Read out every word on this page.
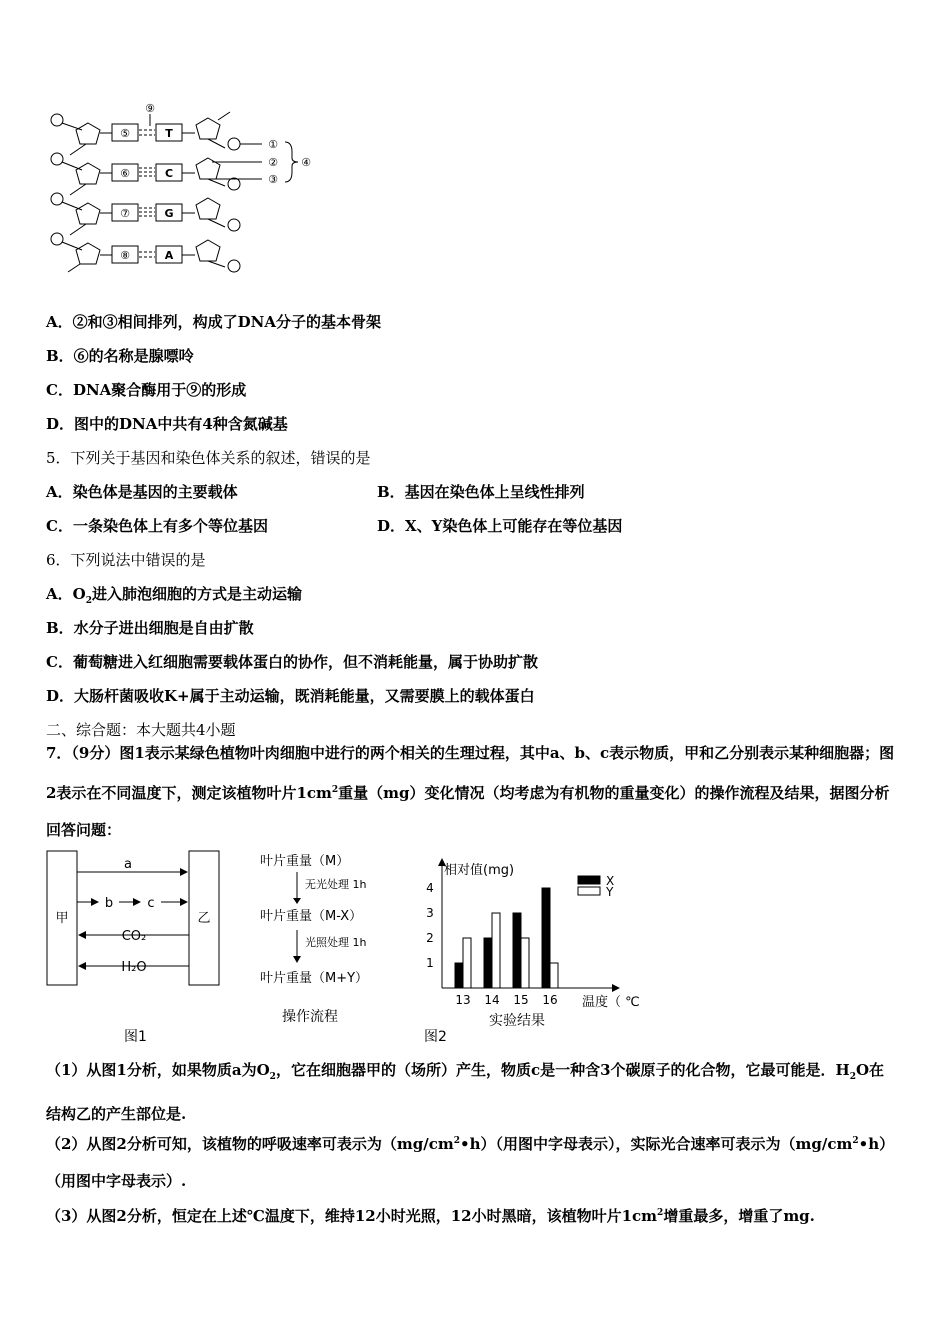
⑨
⑤
⑥
⑦
⑧
T
C
G
A
①
②
③
④
A．②和③相间排列，构成了DNA分子的基本骨架
B．⑥的名称是腺嘌呤
C．DNA聚合酶用于⑨的形成
D．图中的DNA中共有4种含氮碱基
5．下列关于基因和染色体关系的叙述，错误的是
A．染色体是基因的主要载体	B．基因在染色体上呈线性排列
C．一条染色体上有多个等位基因	D．X、Y染色体上可能存在等位基因
6．下列说法中错误的是
A．$O_2$进入肺泡细胞的方式是主动运输
B．水分子进出细胞是自由扩散
C．葡萄糖进入红细胞需要载体蛋白的协作，但不消耗能量，属于协助扩散
D．大肠杆菌吸收K+属于主动运输，既消耗能量，又需要膜上的载体蛋白
二、综合题：本大题共4小题
7．（9分）图1表示某绿色植物叶肉细胞中进行的两个相关的生理过程，其中a、b、c表示物质，甲和乙分别表示某种细胞器；图2表示在不同温度下，测定该植物叶片$1cm^2$重量（mg）变化情况（均考虑为有机物的重量变化）的操作流程及结果，据图分析回答问题：
甲	乙
a
b	c
CO₂
H₂O
图1
叶片重量（M）
无光处理 1h
叶片重量（M-X）
光照处理 1h
叶片重量（M+Y）
操作流程
相对值(mg)
温度（ ℃
1
2
3
4
13 14 15 16
X
Y
实验结果
图2
（1）从图1分析，如果物质a为$O_2$，它在细胞器甲的（场所）产生，物质c是一种含3个碳原子的化合物，它最可能是．$H_2O$在结构乙的产生部位是.
（2）从图2分析可知，该植物的呼吸速率可表示为$(mg/cm^2•h)$（用图中字母表示），实际光合速率可表示为$(mg/cm^2•h)$（用图中字母表示）.
（3）从图2分析，恒定在上述℃温度下，维持12小时光照，12小时黑暗，该植物叶片$1cm^2$增重最多，增重了mg.
